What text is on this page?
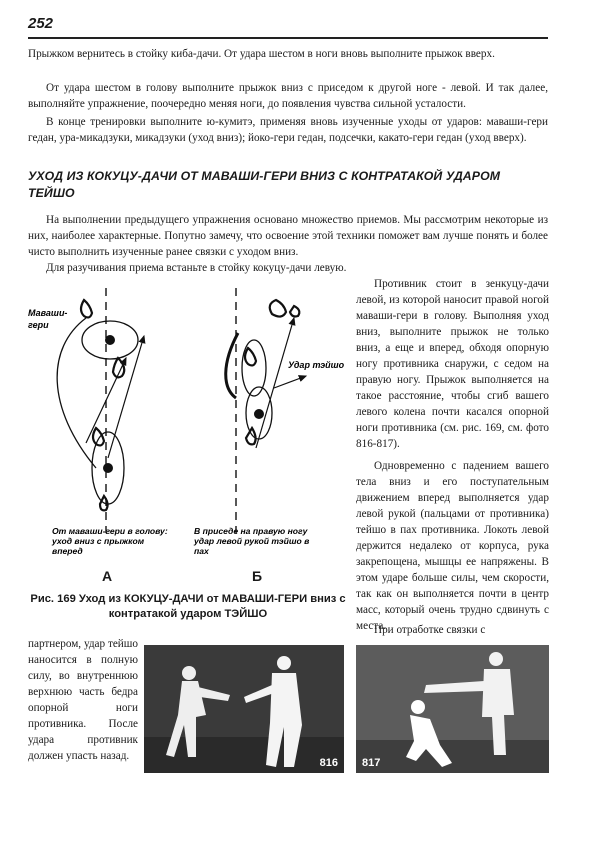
252

Прыжком вернитесь в стойку киба-дачи. От удара шестом в ноги вновь выполните прыжок вверх.

От удара шестом в голову выполните прыжок вниз с приседом к другой ноге - левой. И так далее, выполняйте упражнение, поочередно меняя ноги, до появления чувства сильной усталости.

В конце тренировки выполните ю-кумитэ, применяя вновь изученные уходы от ударов: маваши-гери гедан, ура-микадзуки, микадзуки (уход вниз); йоко-гери гедан, подсечки, какато-гери гедан (уход вверх).

УХОД ИЗ КОКУЦУ-ДАЧИ ОТ МАВАШИ-ГЕРИ ВНИЗ С КОНТРАТАКОЙ УДАРОМ ТЕЙШО

На выполнении предыдущего упражнения основано множество приемов. Мы рассмотрим некоторые из них, наиболее характерные. Попутно замечу, что освоение этой техники поможет вам лучше понять и более чисто выполнить изученные ранее связки с уходом вниз.

Для разучивания приема встаньте в стойку кокуцу-дачи левую.

Маваши-
гери
От маваши-гери в голову:
уход вниз с прыжком
вперед
Удар тэйшо
В приседе на правую ногу
удар левой рукой тэйшо в
пах
А	Б
Рис. 169 Уход из КОКУЦУ-ДАЧИ от МАВАШИ-ГЕРИ вниз с контратакой ударом ТЭЙШО

Противник стоит в зенкуцу-дачи левой, из которой наносит правой ногой маваши-гери в голову. Выполняя уход вниз, выполните прыжок не только вниз, а еще и вперед, обходя опорную ногу противника снаружи, с седом на правую ногу. Прыжок выполняется на такое расстояние, чтобы сгиб вашего левого колена почти касался опорной ноги противника (см. рис. 169, см. фото 816-817).

Одновременно с падением вашего тела вниз и его поступательным движением вперед выполняется удар левой рукой (пальцами от противника) тейшо в пах противника. Локоть левой держится недалеко от корпуса, рука закрепощена, мышцы ее напряжены. В этом ударе больше силы, чем скорости, так как он выполняется почти в центр масс, который очень трудно сдвинуть с места.

При отработке связки с

партнером, удар тейшо наносится в полную силу, во внутреннюю верхнюю часть бедра опорной ноги противника. После удара противник должен упасть назад.

816 817
